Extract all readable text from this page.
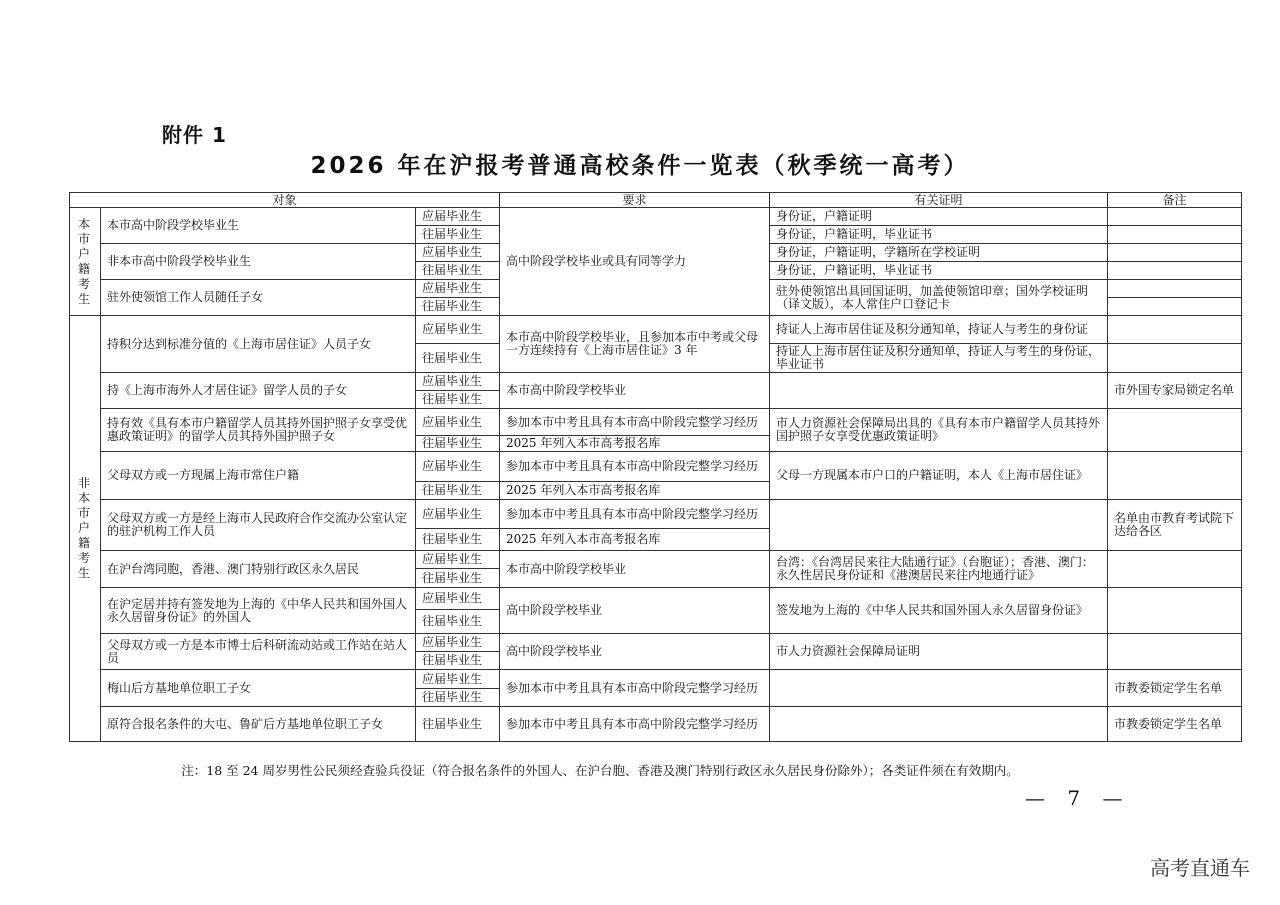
附件 1
2026 年在沪报考普通高校条件一览表（秋季统一高考）
对象			要求	有关证明	备注

本市户籍考生	本市高中阶段学校毕业生	应届毕业生	高中阶段学校毕业或具有同等学力	身份证，户籍证明	
		往届毕业生		身份证，户籍证明，毕业证书	
	非本市高中阶段学校毕业生	应届毕业生		身份证，户籍证明，学籍所在学校证明	
		往届毕业生		身份证，户籍证明，毕业证书	
	驻外使领馆工作人员随任子女	应届毕业生		驻外使领馆出具回国证明，加盖使领馆印章；国外学校证明（译文版），本人常住户口登记卡	
		往届毕业生			

非本市户籍考生	持积分达到标准分值的《上海市居住证》人员子女	应届毕业生	本市高中阶段学校毕业，且参加本市中考或父母一方连续持有《上海市居住证》3 年	持证人上海市居住证及积分通知单，持证人与考生的身份证	
		往届毕业生		持证人上海市居住证及积分通知单，持证人与考生的身份证，毕业证书	
	持《上海市海外人才居住证》留学人员的子女	应届毕业生	本市高中阶段学校毕业		市外国专家局锁定名单
		往届毕业生			
	持有效《具有本市户籍留学人员其持外国护照子女享受优惠政策证明》的留学人员其持外国护照子女	应届毕业生	参加本市中考且具有本市高中阶段完整学习经历	市人力资源社会保障局出具的《具有本市户籍留学人员其持外国护照子女享受优惠政策证明》	
		往届毕业生	2025 年列入本市高考报名库		
	父母双方或一方现属上海市常住户籍	应届毕业生	参加本市中考且具有本市高中阶段完整学习经历	父母一方现属本市户口的户籍证明，本人《上海市居住证》	
		往届毕业生	2025 年列入本市高考报名库		
	父母双方或一方是经上海市人民政府合作交流办公室认定的驻沪机构工作人员	应届毕业生	参加本市中考且具有本市高中阶段完整学习经历		名单由市教育考试院下达给各区
		往届毕业生	2025 年列入本市高考报名库		
	在沪台湾同胞，香港、澳门特别行政区永久居民	应届毕业生	本市高中阶段学校毕业	台湾：《台湾居民来往大陆通行证》（台胞证）；香港、澳门：永久性居民身份证和《港澳居民来往内地通行证》	
		往届毕业生			
	在沪定居并持有签发地为上海的《中华人民共和国外国人永久居留身份证》的外国人	应届毕业生	高中阶段学校毕业	签发地为上海的《中华人民共和国外国人永久居留身份证》	
		往届毕业生			
	父母双方或一方是本市博士后科研流动站或工作站在站人员	应届毕业生	高中阶段学校毕业	市人力资源社会保障局证明	
		往届毕业生			
	梅山后方基地单位职工子女	应届毕业生	参加本市中考且具有本市高中阶段完整学习经历		市教委锁定学生名单
		往届毕业生			
	原符合报名条件的大屯、鲁矿后方基地单位职工子女	往届毕业生	参加本市中考且具有本市高中阶段完整学习经历		市教委锁定学生名单
注：18 至 24 周岁男性公民须经查验兵役证（符合报名条件的外国人、在沪台胞、香港及澳门特别行政区永久居民身份除外）；各类证件须在有效期内。
— 7 —
高考直通车
